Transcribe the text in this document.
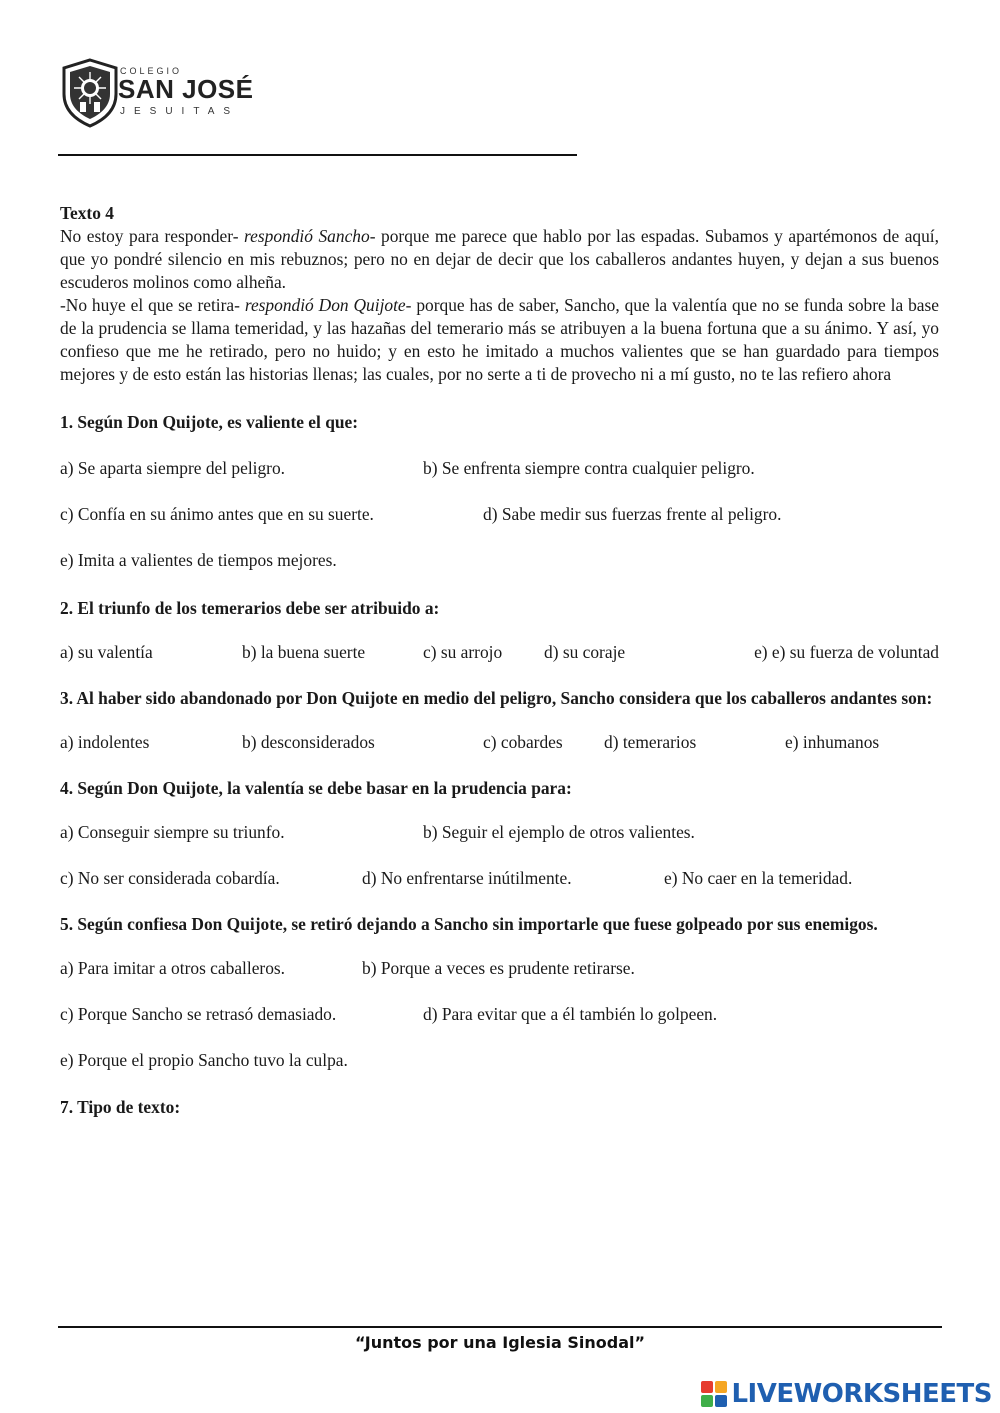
COLEGIO
SAN JOSÉ
JESUITAS
Texto 4
No estoy para responder- respondió Sancho- porque me parece que hablo por las espadas. Subamos y apartémonos de aquí, que yo pondré silencio en mis rebuznos; pero no en dejar de decir que los caballeros andantes huyen, y dejan a sus buenos escuderos molinos como alheña.
-No huye el que se retira- respondió Don Quijote- porque has de saber, Sancho, que la valentía que no se funda sobre la base de la prudencia se llama temeridad, y las hazañas del temerario más se atribuyen a la buena fortuna que a su ánimo. Y así, yo confieso que me he retirado, pero no huido; y en esto he imitado a muchos valientes que se han guardado para tiempos mejores y de esto están las historias llenas; las cuales, por no serte a ti de provecho ni a mí gusto, no te las refiero ahora
1. Según Don Quijote, es valiente el que:
a) Se aparta siempre del peligro.	b) Se enfrenta siempre contra cualquier peligro.
c) Confía en su ánimo antes que en su suerte.	d) Sabe medir sus fuerzas frente al peligro.
e) Imita a valientes de tiempos mejores.
2. El triunfo de los temerarios debe ser atribuido a:
a) su valentía	b) la buena suerte	c) su arrojo d) su coraje	e) e) su fuerza de voluntad
3. Al haber sido abandonado por Don Quijote en medio del peligro, Sancho considera que los caballeros andantes son:
a) indolentes	b) desconsiderados	c) cobardes d) temerarios	e) inhumanos
4. Según Don Quijote, la valentía se debe basar en la prudencia para:
a) Conseguir siempre su triunfo.	b) Seguir el ejemplo de otros valientes.
c) No ser considerada cobardía.	d) No enfrentarse inútilmente.	e) No caer en la temeridad.
5. Según confiesa Don Quijote, se retiró dejando a Sancho sin importarle que fuese golpeado por sus enemigos.
a) Para imitar a otros caballeros.	b) Porque a veces es prudente retirarse.
c) Porque Sancho se retrasó demasiado.	d) Para evitar que a él también lo golpeen.
e) Porque el propio Sancho tuvo la culpa.
7. Tipo de texto:
“Juntos por una Iglesia Sinodal”
LIVEWORKSHEETS
